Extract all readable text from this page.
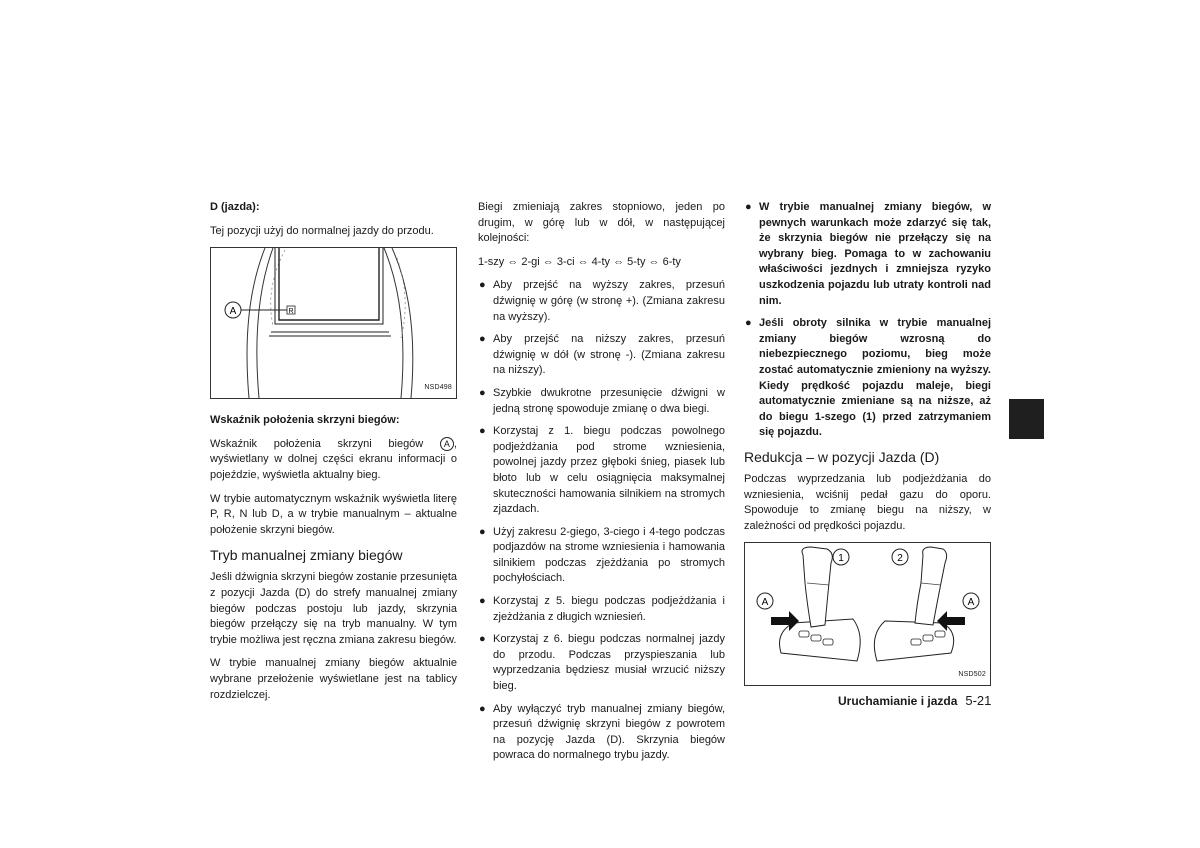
D (jazda):

Tej pozycji użyj do normalnej jazdy do przodu.

A	R
NSD498

Wskaźnik położenia skrzyni biegów:

Wskaźnik położenia skrzyni biegów A , wyświetlany w dolnej części ekranu informacji o pojeździe, wyświetla aktualny bieg.

W trybie automatycznym wskaźnik wyświetla literę P, R, N lub D, a w trybie manualnym – aktualne położenie skrzyni biegów.

Tryb manualnej zmiany biegów

Jeśli dźwignia skrzyni biegów zostanie przesunięta z pozycji Jazda (D) do strefy manualnej zmiany biegów podczas postoju lub jazdy, skrzynia biegów przełączy się na tryb manualny. W tym trybie możliwa jest ręczna zmiana zakresu biegów.

W trybie manualnej zmiany biegów aktualnie wybrane przełożenie wyświetlane jest na tablicy rozdzielczej.

Biegi zmieniają zakres stopniowo, jeden po drugim, w górę lub w dół, w następującej kolejności:

1-szy ⇔ 2-gi ⇔ 3-ci ⇔ 4-ty ⇔ 5-ty ⇔ 6-ty

● Aby przejść na wyższy zakres, przesuń dźwignię w górę (w stronę +). (Zmiana zakresu na wyższy).
● Aby przejść na niższy zakres, przesuń dźwignię w dół (w stronę -). (Zmiana zakresu na niższy).
● Szybkie dwukrotne przesunięcie dźwigni w jedną stronę spowoduje zmianę o dwa biegi.
● Korzystaj z 1. biegu podczas powolnego podjeżdżania pod strome wzniesienia, powolnej jazdy przez głęboki śnieg, piasek lub błoto lub w celu osiągnięcia maksymalnej skuteczności hamowania silnikiem na stromych zjazdach.
● Użyj zakresu 2-giego, 3-ciego i 4-tego podczas podjazdów na strome wzniesienia i hamowania silnikiem podczas zjeżdżania po stromych pochyłościach.
● Korzystaj z 5. biegu podczas podjeżdżania i zjeżdżania z długich wzniesień.
● Korzystaj z 6. biegu podczas normalnej jazdy do przodu. Podczas przyspieszania lub wyprzedzania będziesz musiał wrzucić niższy bieg.
● Aby wyłączyć tryb manualnej zmiany biegów, przesuń dźwignię skrzyni biegów z powrotem na pozycję Jazda (D). Skrzynia biegów powraca do normalnego trybu jazdy.
● W trybie manualnej zmiany biegów, w pewnych warunkach może zdarzyć się tak, że skrzynia biegów nie przełączy się na wybrany bieg. Pomaga to w zachowaniu właściwości jezdnych i zmniejsza ryzyko uszkodzenia pojazdu lub utraty kontroli nad nim.
● Jeśli obroty silnika w trybie manualnej zmiany biegów wzrosną do niebezpiecznego poziomu, bieg może zostać automatycznie zmieniony na wyższy. Kiedy prędkość pojazdu maleje, biegi automatycznie zmieniane są na niższe, aż do biegu 1-szego (1) przed zatrzymaniem się pojazdu.
Redukcja – w pozycji Jazda (D)

Podczas wyprzedzania lub podjeżdżania do wzniesienia, wciśnij pedał gazu do oporu. Spowoduje to zmianę biegu na niższy, w zależności od prędkości pojazdu.

1
A
2
A
NSD502
Uruchamianie i jazda 5-21
